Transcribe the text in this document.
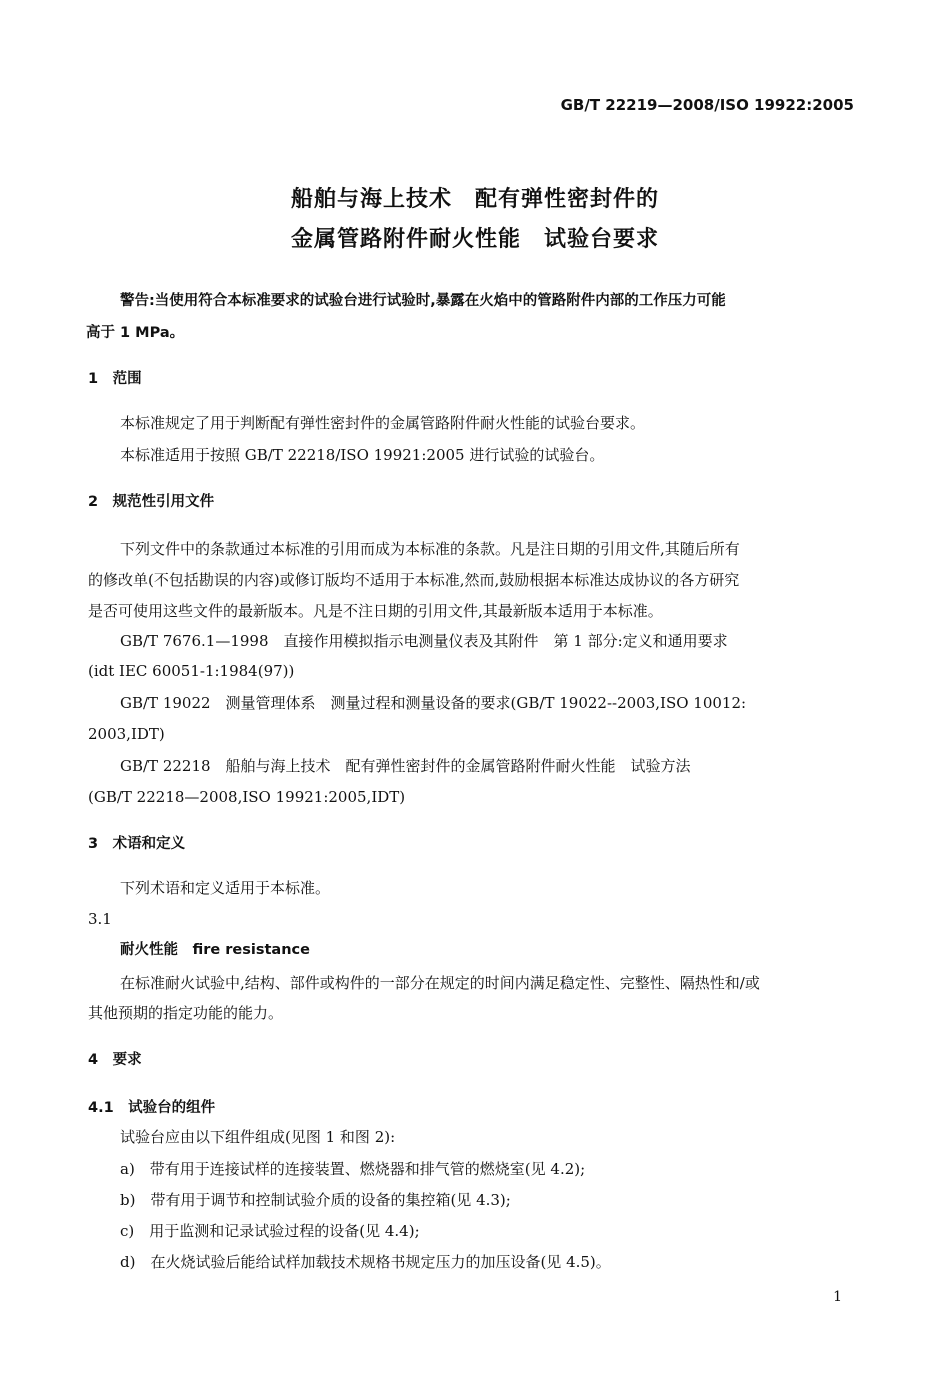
GB/T 22219—2008/ISO 19922:2005
船舶与海上技术　配有弹性密封件的
金属管路附件耐火性能　试验台要求
警告:当使用符合本标准要求的试验台进行试验时,暴露在火焰中的管路附件内部的工作压力可能
高于 1 MPa。
1　范围
本标准规定了用于判断配有弹性密封件的金属管路附件耐火性能的试验台要求。
本标准适用于按照 GB/T 22218/ISO 19921:2005 进行试验的试验台。
2　规范性引用文件
下列文件中的条款通过本标准的引用而成为本标准的条款。凡是注日期的引用文件,其随后所有
的修改单(不包括勘误的内容)或修订版均不适用于本标准,然而,鼓励根据本标准达成协议的各方研究
是否可使用这些文件的最新版本。凡是不注日期的引用文件,其最新版本适用于本标准。
GB/T 7676.1—1998　直接作用模拟指示电测量仪表及其附件　第 1 部分:定义和通用要求
(idt IEC 60051-1:1984(97))
GB/T 19022　测量管理体系　测量过程和测量设备的要求(GB/T 19022--2003,ISO 10012:
2003,IDT)
GB/T 22218　船舶与海上技术　配有弹性密封件的金属管路附件耐火性能　试验方法
(GB/T 22218—2008,ISO 19921:2005,IDT)
3　术语和定义
下列术语和定义适用于本标准。
3.1
耐火性能　fire resistance
在标准耐火试验中,结构、部件或构件的一部分在规定的时间内满足稳定性、完整性、隔热性和/或
其他预期的指定功能的能力。
4　要求
4.1　试验台的组件
试验台应由以下组件组成(见图 1 和图 2):
a)　带有用于连接试样的连接装置、燃烧器和排气管的燃烧室(见 4.2);
b)　带有用于调节和控制试验介质的设备的集控箱(见 4.3);
c)　用于监测和记录试验过程的设备(见 4.4);
d)　在火烧试验后能给试样加载技术规格书规定压力的加压设备(见 4.5)。
1
